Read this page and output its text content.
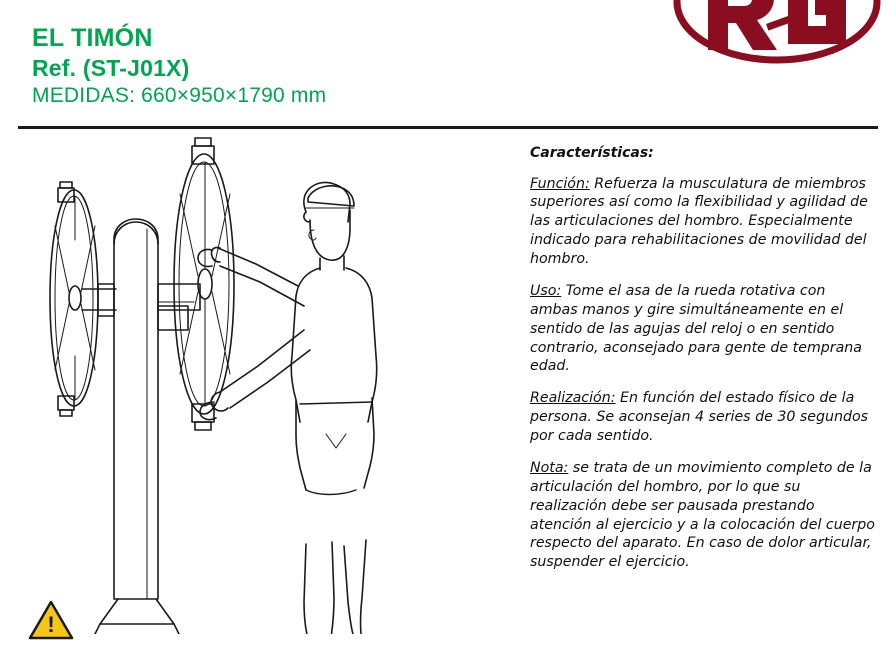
EL TIMÓN
Ref. (ST-J01X)
MEDIDAS: 660×950×1790 mm
!
Características:
Función: Refuerza la musculatura de miembros superiores así como la flexibilidad y agilidad de las articulaciones del hombro. Especialmente indicado para rehabilitaciones de movilidad del hombro.
Uso: Tome el asa de la rueda rotativa con ambas manos y gire simultáneamente en el sentido de las agujas del reloj o en sentido contrario, aconsejado para gente de temprana edad.
Realización: En función del estado físico de la persona. Se aconsejan 4 series de 30 segundos por cada sentido.
Nota: se trata de un movimiento completo de la articulación del hombro, por lo que su realización debe ser pausada prestando atención al ejercicio y a la colocación del cuerpo respecto del aparato. En caso de dolor articular, suspender el ejercicio.
